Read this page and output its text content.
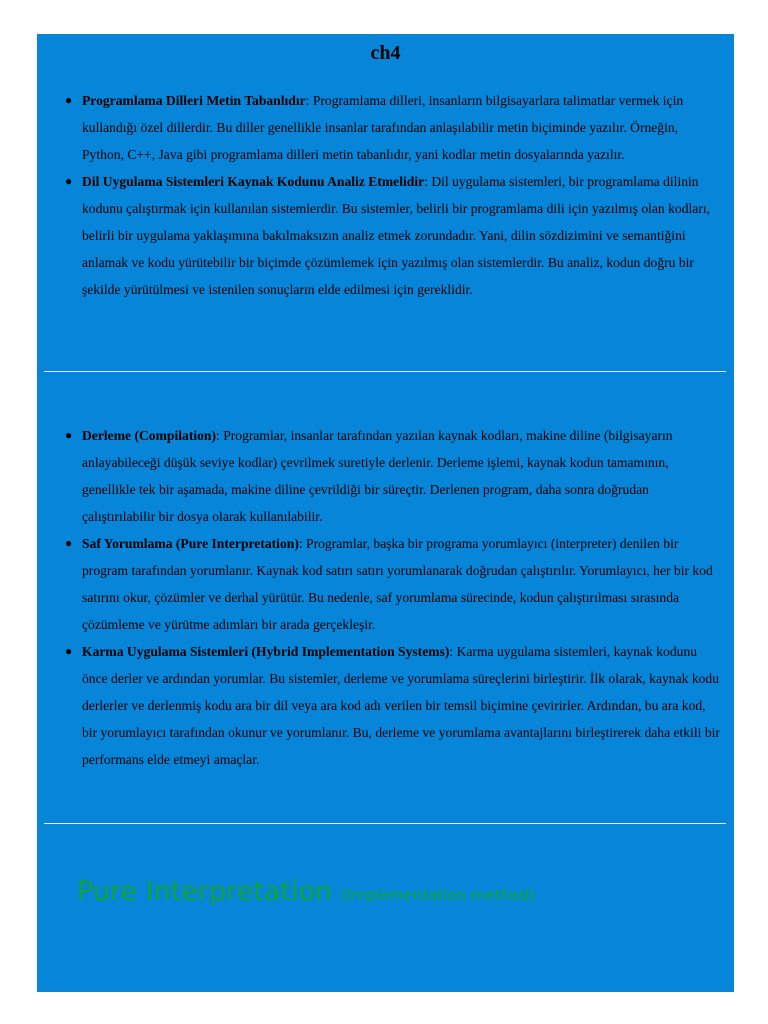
ch4
● Programlama Dilleri Metin Tabanlıdır: Programlama dilleri, insanların bilgisayarlara talimatlar vermek için kullandığı özel dillerdir. Bu diller genellikle insanlar tarafından anlaşılabilir metin biçiminde yazılır. Örneğin, Python, C++, Java gibi programlama dilleri metin tabanlıdır, yani kodlar metin dosyalarında yazılır.
● Dil Uygulama Sistemleri Kaynak Kodunu Analiz Etmelidir: Dil uygulama sistemleri, bir programlama dilinin kodunu çalıştırmak için kullanılan sistemlerdir. Bu sistemler, belirli bir programlama dili için yazılmış olan kodları, belirli bir uygulama yaklaşımına bakılmaksızın analiz etmek zorundadır. Yani, dilin sözdizimini ve semantiğini anlamak ve kodu yürütebilir bir biçimde çözümlemek için yazılmış olan sistemlerdir. Bu analiz, kodun doğru bir şekilde yürütülmesi ve istenilen sonuçların elde edilmesi için gereklidir.
● Derleme (Compilation): Programlar, insanlar tarafından yazılan kaynak kodları, makine diline (bilgisayarın anlayabileceği düşük seviye kodlar) çevrilmek suretiyle derlenir. Derleme işlemi, kaynak kodun tamamının, genellikle tek bir aşamada, makine diline çevrildiği bir süreçtir. Derlenen program, daha sonra doğrudan çalıştırılabilir bir dosya olarak kullanılabilir.
● Saf Yorumlama (Pure Interpretation): Programlar, başka bir programa yorumlayıcı (interpreter) denilen bir program tarafından yorumlanır. Kaynak kod satırı satırı yorumlanarak doğrudan çalıştırılır. Yorumlayıcı, her bir kod satırını okur, çözümler ve derhal yürütür. Bu nedenle, saf yorumlama sürecinde, kodun çalıştırılması sırasında çözümleme ve yürütme adımları bir arada gerçekleşir.
● Karma Uygulama Sistemleri (Hybrid Implementation Systems): Karma uygulama sistemleri, kaynak kodunu önce derler ve ardından yorumlar. Bu sistemler, derleme ve yorumlama süreçlerini birleştirir. İlk olarak, kaynak kodu derlerler ve derlenmiş kodu ara bir dil veya ara kod adı verilen bir temsil biçimine çevirirler. Ardından, bu ara kod, bir yorumlayıcı tarafından okunur ve yorumlanır. Bu, derleme ve yorumlama avantajlarını birleştirerek daha etkili bir performans elde etmeyi amaçlar.
Pure Interpretation (Implementation method)
